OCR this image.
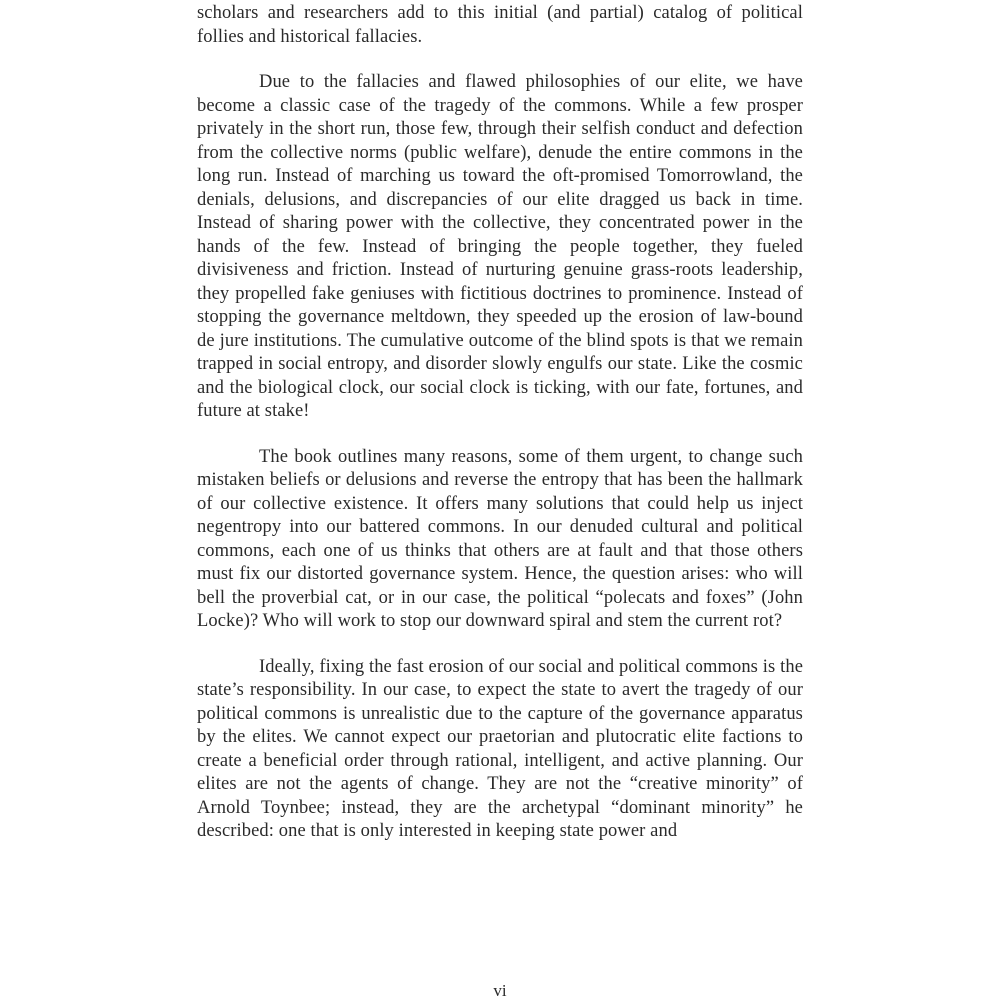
scholars and researchers add to this initial (and partial) catalog of political follies and historical fallacies.

Due to the fallacies and flawed philosophies of our elite, we have become a classic case of the tragedy of the commons. While a few prosper privately in the short run, those few, through their selfish conduct and defection from the collective norms (public welfare), denude the entire commons in the long run. Instead of marching us toward the oft-promised Tomorrowland, the denials, delusions, and discrepancies of our elite dragged us back in time. Instead of sharing power with the collective, they concentrated power in the hands of the few. Instead of bringing the people together, they fueled divisiveness and friction. Instead of nurturing genuine grass-roots leadership, they propelled fake geniuses with fictitious doctrines to prominence. Instead of stopping the governance meltdown, they speeded up the erosion of law-bound de jure institutions. The cumulative outcome of the blind spots is that we remain trapped in social entropy, and disorder slowly engulfs our state. Like the cosmic and the biological clock, our social clock is ticking, with our fate, fortunes, and future at stake!

The book outlines many reasons, some of them urgent, to change such mistaken beliefs or delusions and reverse the entropy that has been the hallmark of our collective existence. It offers many solutions that could help us inject negentropy into our battered commons. In our denuded cultural and political commons, each one of us thinks that others are at fault and that those others must fix our distorted governance system. Hence, the question arises: who will bell the proverbial cat, or in our case, the political “polecats and foxes” (John Locke)? Who will work to stop our downward spiral and stem the current rot?

Ideally, fixing the fast erosion of our social and political commons is the state’s responsibility. In our case, to expect the state to avert the tragedy of our political commons is unrealistic due to the capture of the governance apparatus by the elites. We cannot expect our praetorian and plutocratic elite factions to create a beneficial order through rational, intelligent, and active planning. Our elites are not the agents of change. They are not the “creative minority” of Arnold Toynbee; instead, they are the archetypal “dominant minority” he described: one that is only interested in keeping state power and

vi
